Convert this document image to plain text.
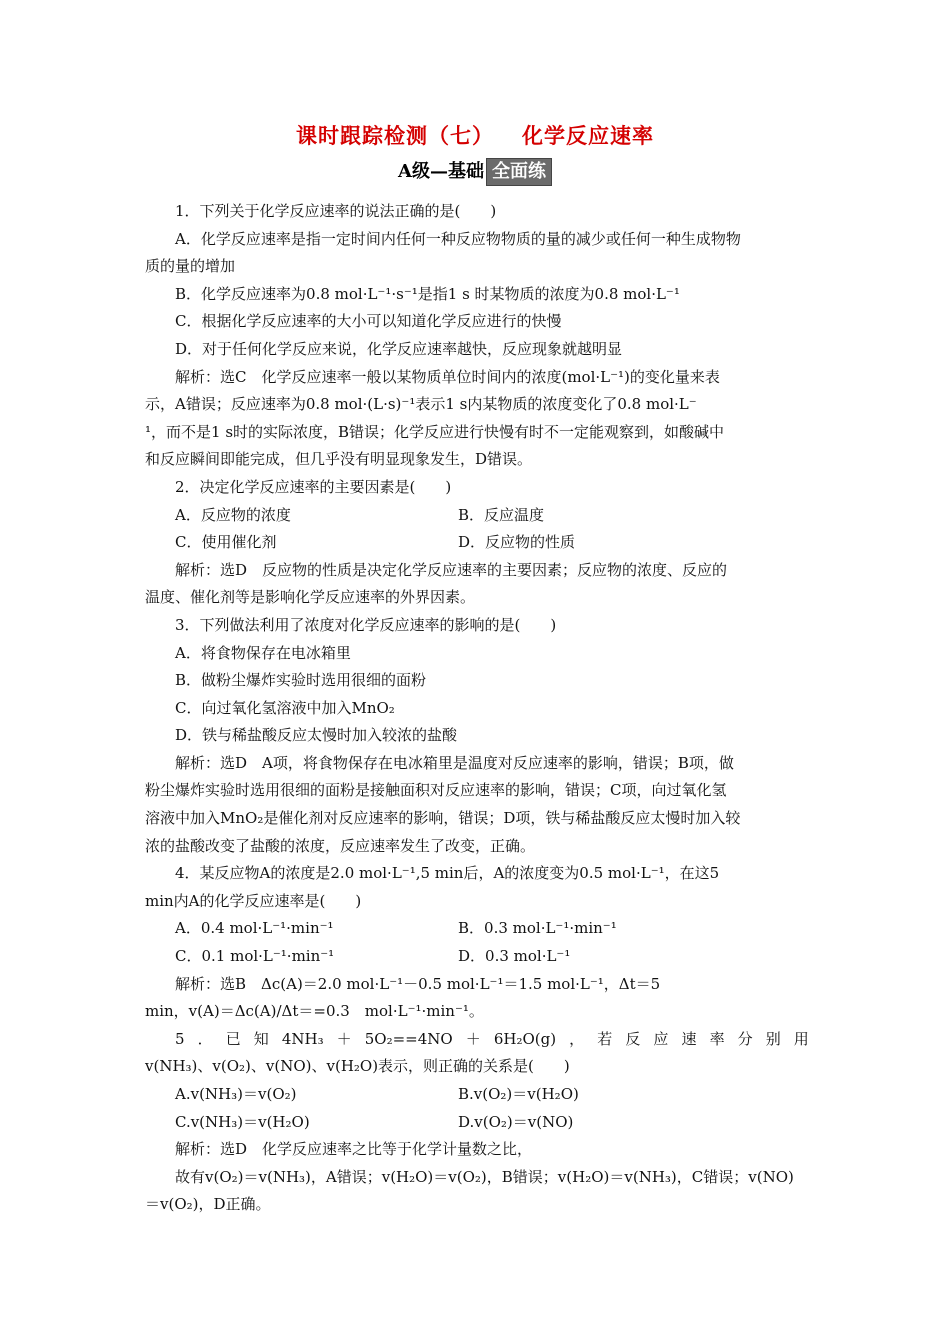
课时跟踪检测（七） 化学反应速率
A级—基础 全面练
1．下列关于化学反应速率的说法正确的是(　　)
A．化学反应速率是指一定时间内任何一种反应物物质的量的减少或任何一种生成物物
质的量的增加
B．化学反应速率为0.8 mol·L⁻¹·s⁻¹是指1 s 时某物质的浓度为0.8 mol·L⁻¹
C．根据化学反应速率的大小可以知道化学反应进行的快慢
D．对于任何化学反应来说，化学反应速率越快，反应现象就越明显
解析：选C　化学反应速率一般以某物质单位时间内的浓度(mol·L⁻¹)的变化量来表
示，A错误；反应速率为0.8 mol·(L·s)⁻¹表示1 s内某物质的浓度变化了0.8 mol·L⁻
¹，而不是1 s时的实际浓度，B错误；化学反应进行快慢有时不一定能观察到，如酸碱中
和反应瞬间即能完成，但几乎没有明显现象发生，D错误。
2．决定化学反应速率的主要因素是(　　)
A．反应物的浓度	B．反应温度
C．使用催化剂	D．反应物的性质
解析：选D　反应物的性质是决定化学反应速率的主要因素；反应物的浓度、反应的
温度、催化剂等是影响化学反应速率的外界因素。
3．下列做法利用了浓度对化学反应速率的影响的是(　　)
A．将食物保存在电冰箱里
B．做粉尘爆炸实验时选用很细的面粉
C．向过氧化氢溶液中加入MnO₂
D．铁与稀盐酸反应太慢时加入较浓的盐酸
解析：选D　A项，将食物保存在电冰箱里是温度对反应速率的影响，错误；B项，做
粉尘爆炸实验时选用很细的面粉是接触面积对反应速率的影响，错误；C项，向过氧化氢
溶液中加入MnO₂是催化剂对反应速率的影响，错误；D项，铁与稀盐酸反应太慢时加入较
浓的盐酸改变了盐酸的浓度，反应速率发生了改变，正确。
4．某反应物A的浓度是2.0 mol·L⁻¹,5 min后，A的浓度变为0.5 mol·L⁻¹，在这5
min内A的化学反应速率是(　　)
A．0.4 mol·L⁻¹·min⁻¹	B．0.3 mol·L⁻¹·min⁻¹
C．0.1 mol·L⁻¹·min⁻¹	D．0.3 mol·L⁻¹
解析：选B　Δc(A)＝2.0 mol·L⁻¹－0.5 mol·L⁻¹＝1.5 mol·L⁻¹，Δt＝5
min，v(A)＝Δc(A)/Δt＝=0.3　mol·L⁻¹·min⁻¹。
5 ． 已 知 4NH₃ ＋ 5O₂==4NO ＋ 6H₂O(g) ， 若 反 应 速 率 分 别 用
v(NH₃)、v(O₂)、v(NO)、v(H₂O)表示，则正确的关系是(　　)
A.v(NH₃)＝v(O₂)	B.v(O₂)＝v(H₂O)
C.v(NH₃)＝v(H₂O)	D.v(O₂)＝v(NO)
解析：选D　化学反应速率之比等于化学计量数之比，
故有v(O₂)＝v(NH₃)，A错误；v(H₂O)＝v(O₂)，B错误；v(H₂O)＝v(NH₃)，C错误；v(NO)
＝v(O₂)，D正确。
